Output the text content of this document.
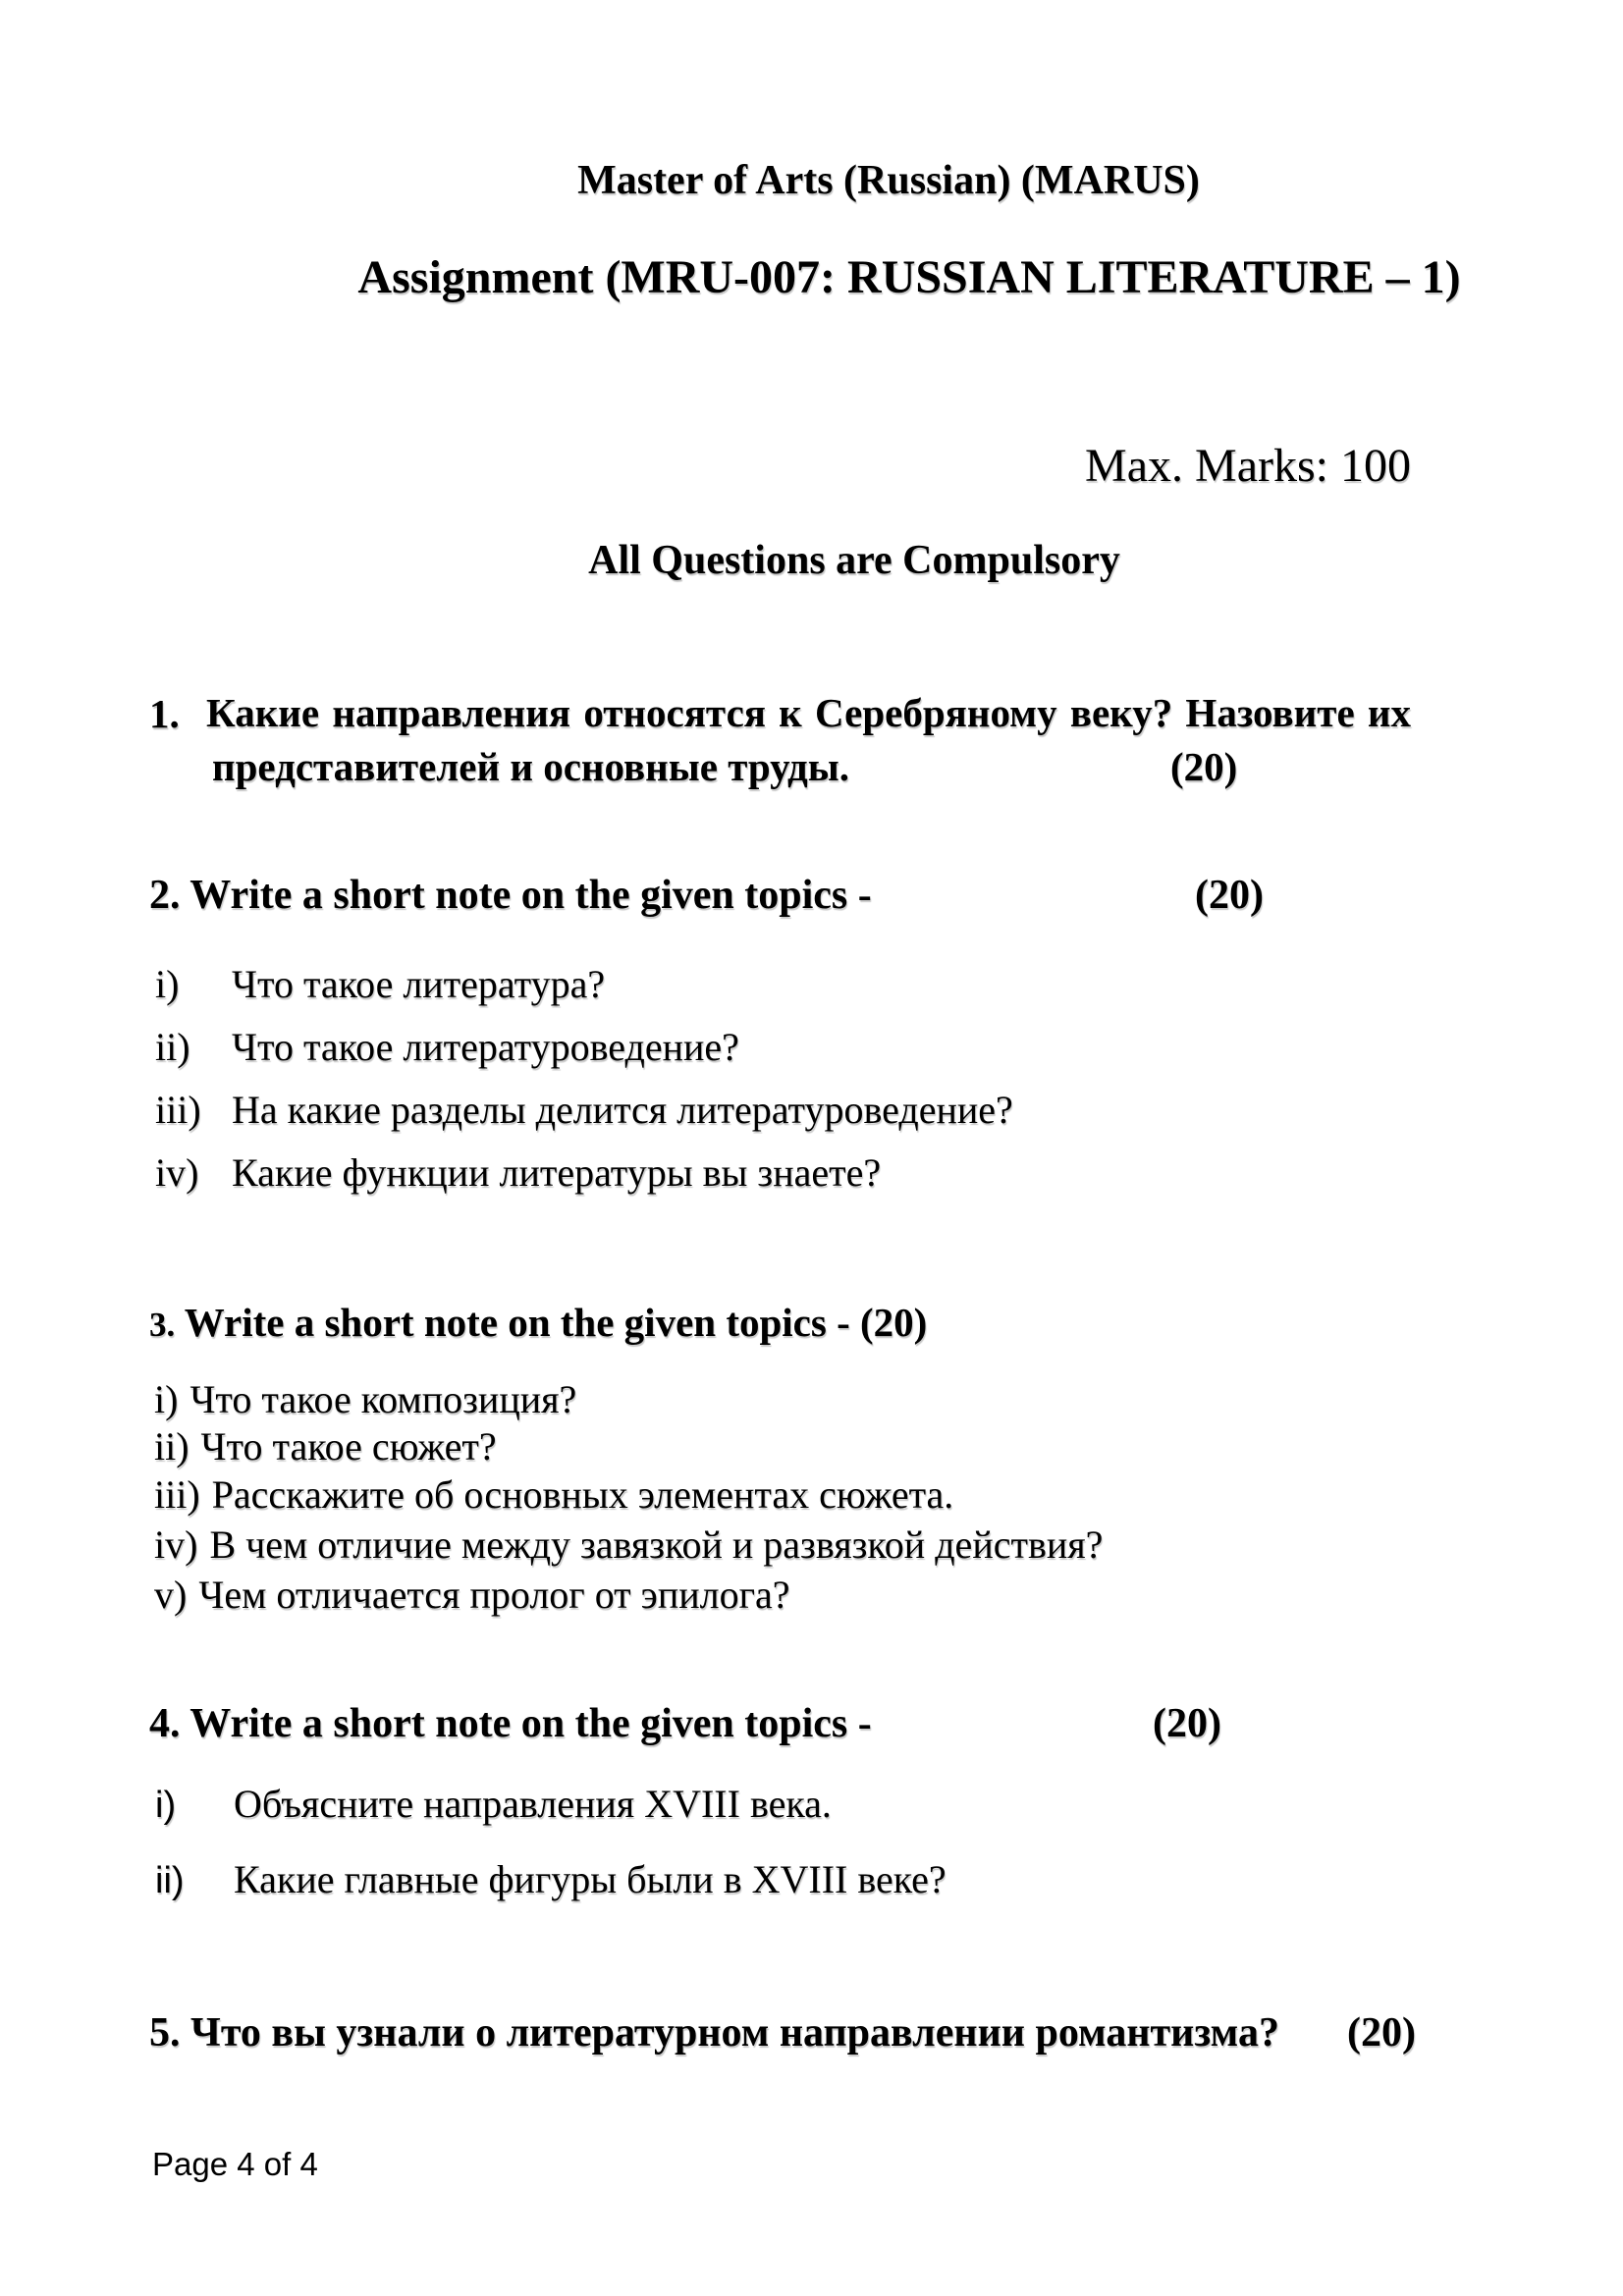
Master of Arts (Russian) (MARUS)
Assignment (MRU-007: RUSSIAN LITERATURE – 1)
Max. Marks: 100
All Questions are Compulsory
1. Какие направления относятся к Серебряному веку? Назовите их
представителей и основные труды.	(20)
2. Write a short note on the given topics -	(20)
i) Что такое литература?
ii) Что такое литературоведение?
iii) На какие разделы делится литературоведение?
iv) Какие функции литературы вы знаете?
3. Write a short note on the given topics - (20)
i) Что такое композиция?
ii) Что такое сюжет?
iii) Расскажите об основных элементах сюжета.
iv) В чем отличие между завязкой и развязкой действия?
v) Чем отличается пролог от эпилога?
4. Write a short note on the given topics -	(20)
i) Объясните направления XVIII века.
ii) Какие главные фигуры были в XVIII веке?
5. Что вы узнали о литературном направлении романтизма? (20)
Page 4 of 4
